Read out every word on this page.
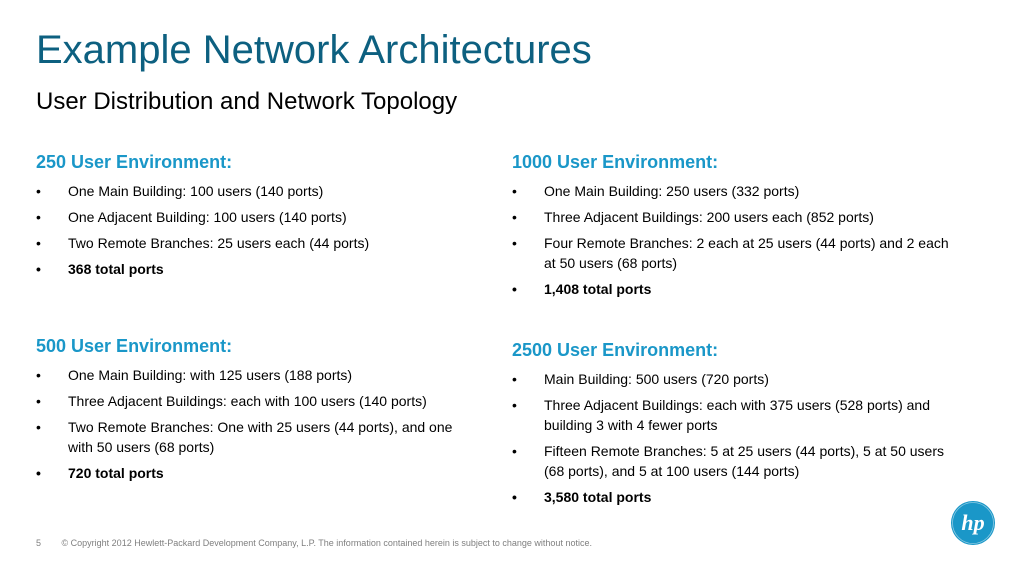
Example Network Architectures
User Distribution and Network Topology
250 User Environment:
• One Main Building: 100 users (140 ports)
• One Adjacent Building: 100 users (140 ports)
• Two Remote Branches: 25 users each (44 ports)
• 368 total ports
500 User Environment:
• One Main Building: with 125 users (188 ports)
• Three Adjacent Buildings: each with 100 users (140 ports)
• Two Remote Branches: One with 25 users (44 ports), and one with 50 users (68 ports)
• 720 total ports
1000 User Environment:
• One Main Building: 250 users (332 ports)
• Three Adjacent Buildings: 200 users each (852 ports)
• Four Remote Branches: 2 each at 25 users (44 ports) and 2 each at 50 users (68 ports)
• 1,408 total ports
2500 User Environment:
• Main Building: 500 users (720 ports)
• Three Adjacent Buildings: each with 375 users (528 ports) and building 3 with 4 fewer ports
• Fifteen Remote Branches: 5 at 25 users (44 ports), 5 at 50 users (68 ports), and 5 at 100 users (144 ports)
• 3,580 total ports
5 © Copyright 2012 Hewlett-Packard Development Company, L.P. The information contained herein is subject to change without notice.
hp
